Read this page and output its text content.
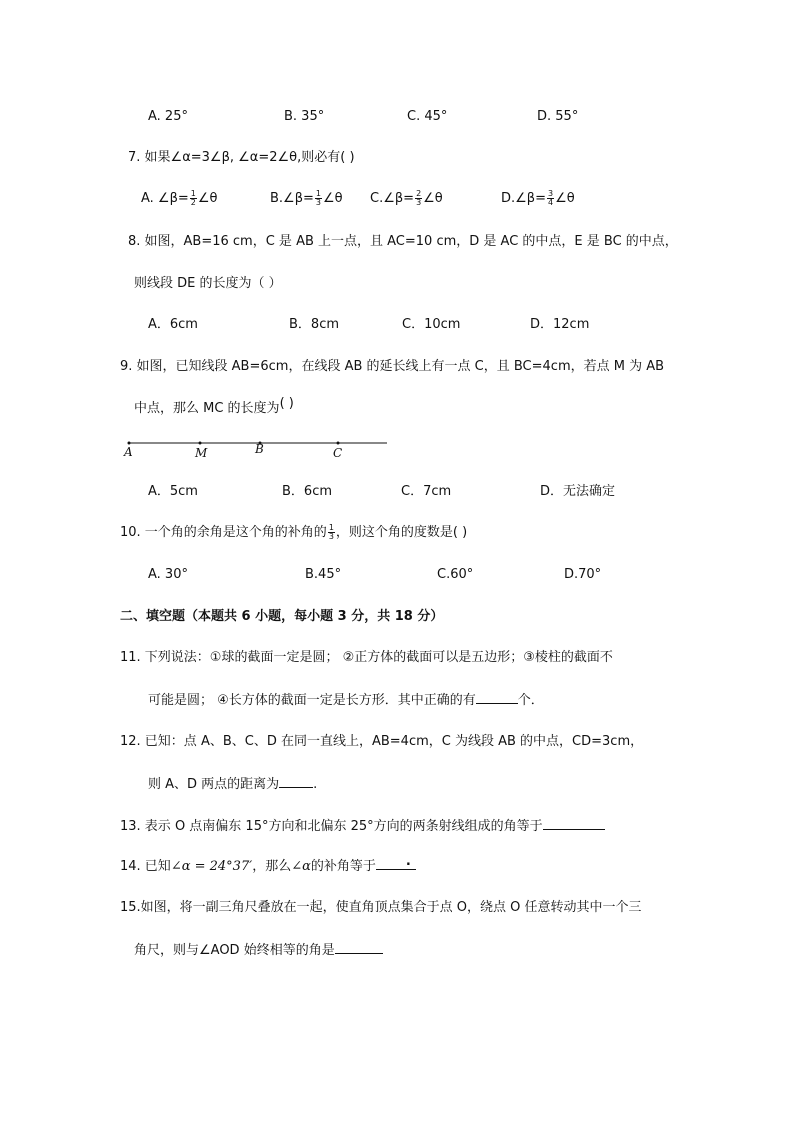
A. 25°	B. 35°	C. 45°	D. 55°
7. 如果∠α=3∠β, ∠α=2∠θ,则必有( )
A. ∠β= $\frac{1}{2}$ ∠θ	B.∠β= $\frac{1}{3}$ ∠θ C.∠β= $\frac{2}{3}$ ∠θ	D.∠β= $\frac{3}{4}$ ∠θ
8. 如图，AB=16 cm，C 是 AB 上一点，且 AC=10 cm，D 是 AC 的中点，E 是 BC 的中点，
则线段 DE 的长度为（ ）
A．6cm	B．8cm	C．10cm	D．12cm
9. 如图，已知线段 AB=6cm，在线段 AB 的延长线上有一点 C，且 BC=4cm，若点 M 为 AB
中点，那么 MC 的长度为( )
A	M	B	C
A．5cm	B．6cm	C．7cm	D．无法确定
10. 一个角的余角是这个角的补角的 $\frac{1}{3}$ ，则这个角的度数是( )
A. 30°	B.45°	C.60°	D.70°
二、填空题（本题共 6 小题，每小题 3 分，共 18 分）
11. 下列说法：①球的截面一定是圆； ②正方体的截面可以是五边形；③棱柱的截面不
可能是圆； ④长方体的截面一定是长方形．其中正确的有	个．
12. 已知：点 A、B、C、D 在同一直线上，AB=4cm，C 为线段 AB 的中点，CD=3cm，
则 A、D 两点的距离为	.
13. 表示 O 点南偏东 15°方向和北偏东 25°方向的两条射线组成的角等于
14. 已知∠α = 24°37′，那么∠α的补角等于 .
15.如图，将一副三角尺叠放在一起，使直角顶点集合于点 O，绕点 O 任意转动其中一个三
角尺，则与∠AOD 始终相等的角是
